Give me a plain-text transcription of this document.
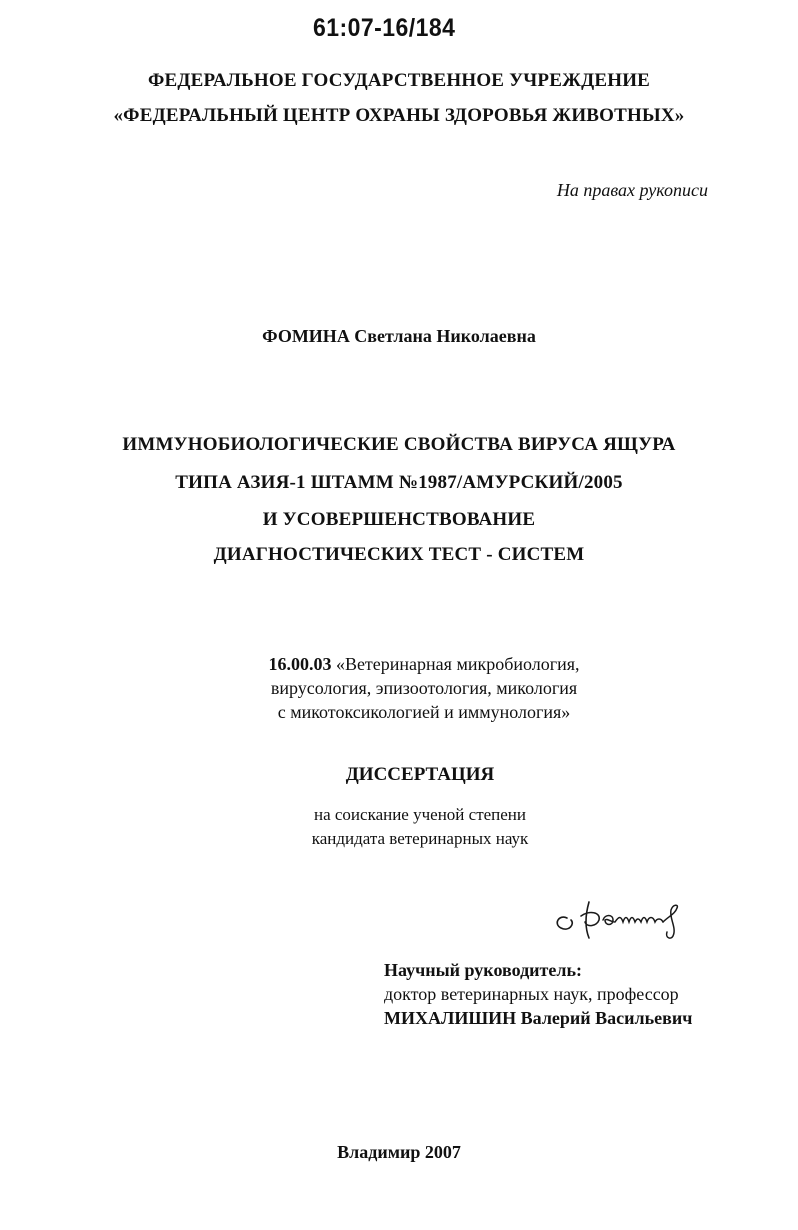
61:07-16/184
ФЕДЕРАЛЬНОЕ ГОСУДАРСТВЕННОЕ УЧРЕЖДЕНИЕ
«ФЕДЕРАЛЬНЫЙ ЦЕНТР ОХРАНЫ ЗДОРОВЬЯ ЖИВОТНЫХ»
На правах рукописи
ФОМИНА Светлана Николаевна
ИММУНОБИОЛОГИЧЕСКИЕ СВОЙСТВА ВИРУСА ЯЩУРА
ТИПА АЗИЯ-1 ШТАММ №1987/АМУРСКИЙ/2005
И УСОВЕРШЕНСТВОВАНИЕ
ДИАГНОСТИЧЕСКИХ ТЕСТ - СИСТЕМ
16.00.03 «Ветеринарная микробиология,
вирусология, эпизоотология, микология
с микотоксикологией и иммунология»
ДИССЕРТАЦИЯ
на соискание ученой степени
кандидата ветеринарных наук
Научный руководитель:
доктор ветеринарных наук, профессор
МИХАЛИШИН Валерий Васильевич
Владимир 2007
